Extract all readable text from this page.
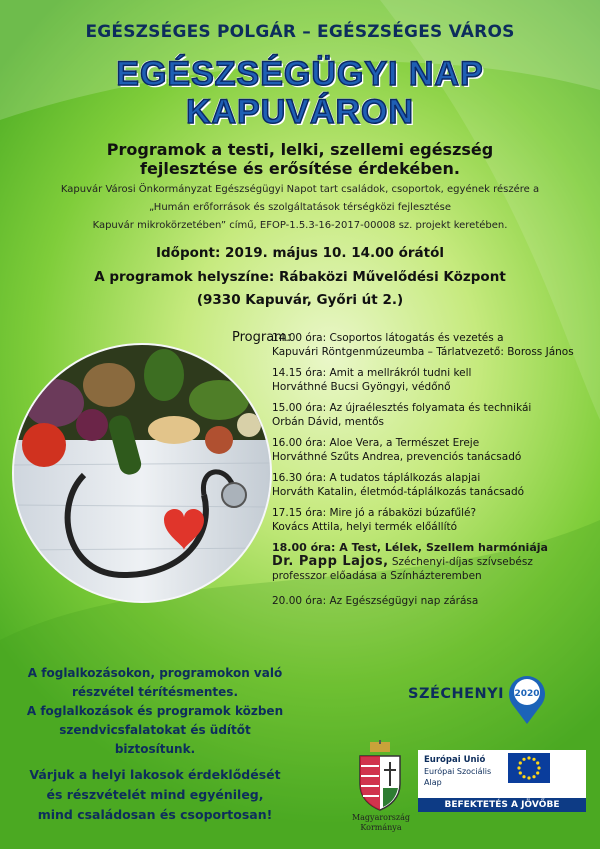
EGÉSZSÉGES POLGÁR – EGÉSZSÉGES VÁROS
EGÉSZSÉGÜGYI NAP
KAPUVÁRON
Programok a testi, lelki, szellemi egészség
fejlesztése és erősítése érdekében.
Kapuvár Városi Önkormányzat Egészségügyi Napot tart családok, csoportok, egyének részére a
„Humán erőforrások és szolgáltatások térségközi fejlesztése
Kapuvár mikrokörzetében” című, EFOP-1.5.3-16-2017-00008 sz. projekt keretében.
Időpont: 2019. május 10. 14.00 órától
A programok helyszíne: Rábaközi Művelődési Központ
(9330 Kapuvár, Győri út 2.)
Program:
14.00 óra: Csoportos látogatás és vezetés a
Kapuvári Röntgenmúzeumba – Tárlatvezető: Boross János
14.15 óra: Amit a mellrákról tudni kell
Horváthné Bucsi Gyöngyi, védőnő
15.00 óra: Az újraélesztés folyamata és technikái
Orbán Dávid, mentős
16.00 óra: Aloe Vera, a Természet Ereje
Horváthné Szűts Andrea, prevenciós tanácsadó
16.30 óra: A tudatos táplálkozás alapjai
Horváth Katalin, életmód-táplálkozás tanácsadó
17.15 óra: Mire jó a rábaközi búzafűlé?
Kovács Attila, helyi termék előállító
18.00 óra: A Test, Lélek, Szellem harmóniája
Dr. Papp Lajos, Széchenyi-díjas szívsebész
professzor előadása a Színházteremben
20.00 óra: Az Egészségügyi nap zárása
A foglalkozásokon, programokon való
részvétel térítésmentes.
A foglalkozások és programok közben
szendvicsfalatokat és üdítőt biztosítunk.
Várjuk a helyi lakosok érdeklődését
és részvételét mind egyénileg,
mind családosan és csoportosan!
SZÉCHENYI 2020
Magyarország
Kormánya
Európai Unió
Európai Szociális
Alap
BEFEKTETÉS A JÖVŐBE
